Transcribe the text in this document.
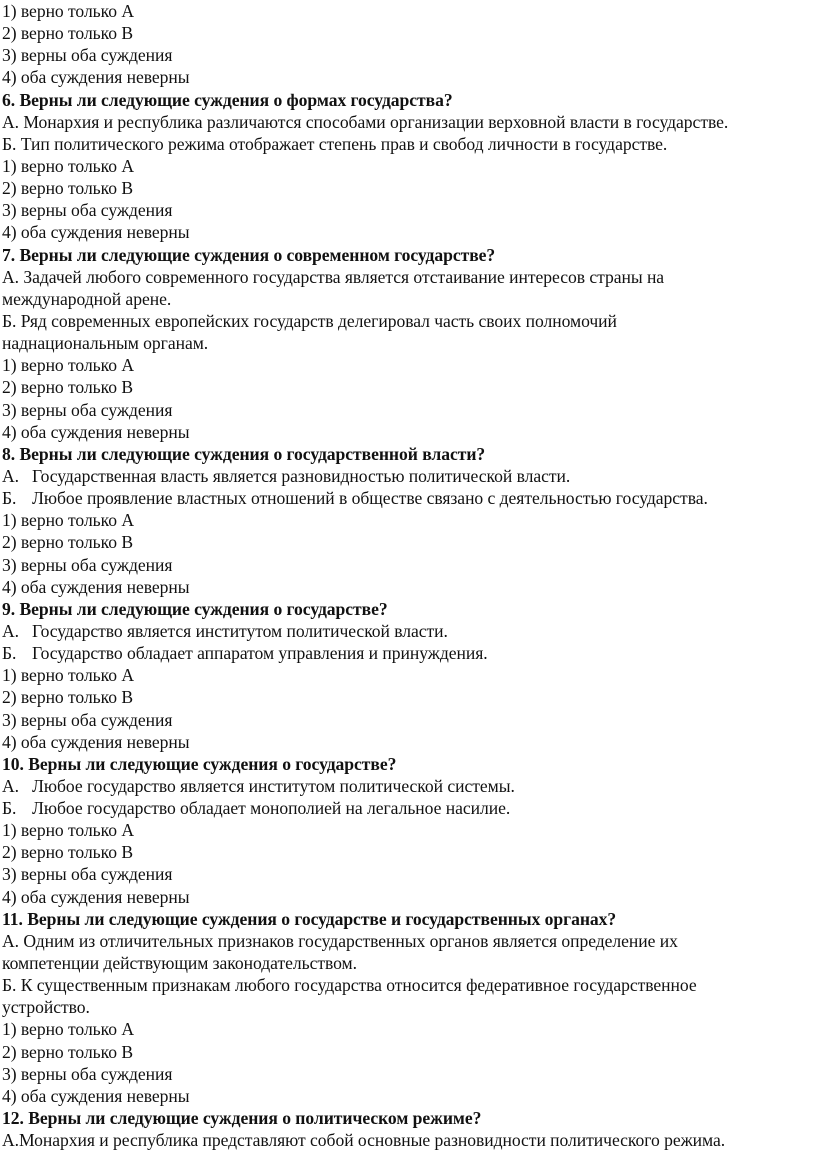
1) верно только А
2) верно только В
3) верны оба суждения
4) оба суждения неверны
6. Верны ли следующие суждения о формах государства?
А. Монархия и республика различаются способами организации верховной власти в государстве.
Б. Тип политического режима отображает степень прав и свобод личности в государстве.
1) верно только А
2) верно только В
3) верны оба суждения
4) оба суждения неверны
7. Верны ли следующие суждения о современном государстве?
А. Задачей любого современного государства является отстаивание интересов страны на
международной арене.
Б. Ряд современных европейских государств делегировал часть своих полномочий
наднациональным органам.
1) верно только А
2) верно только В
3) верны оба суждения
4) оба суждения неверны
8. Верны ли следующие суждения о государственной власти?
А. Государственная власть является разновидностью политической власти.
Б. Любое проявление властных отношений в обществе связано с деятельностью государства.
1) верно только А
2) верно только В
3) верны оба суждения
4) оба суждения неверны
9. Верны ли следующие суждения о государстве?
А. Государство является институтом политической власти.
Б. Государство обладает аппаратом управления и принуждения.
1) верно только А
2) верно только В
3) верны оба суждения
4) оба суждения неверны
10. Верны ли следующие суждения о государстве?
А. Любое государство является институтом политической системы.
Б. Любое государство обладает монополией на легальное насилие.
1) верно только А
2) верно только В
3) верны оба суждения
4) оба суждения неверны
11. Верны ли следующие суждения о государстве и государственных органах?
А. Одним из отличительных признаков государственных органов является определение их
компетенции действующим законодательством.
Б. К существенным признакам любого государства относится федеративное государственное
устройство.
1) верно только А
2) верно только В
3) верны оба суждения
4) оба суждения неверны
12. Верны ли следующие суждения о политическом режиме?
А.Монархия и республика представляют собой основные разновидности политического режима.
